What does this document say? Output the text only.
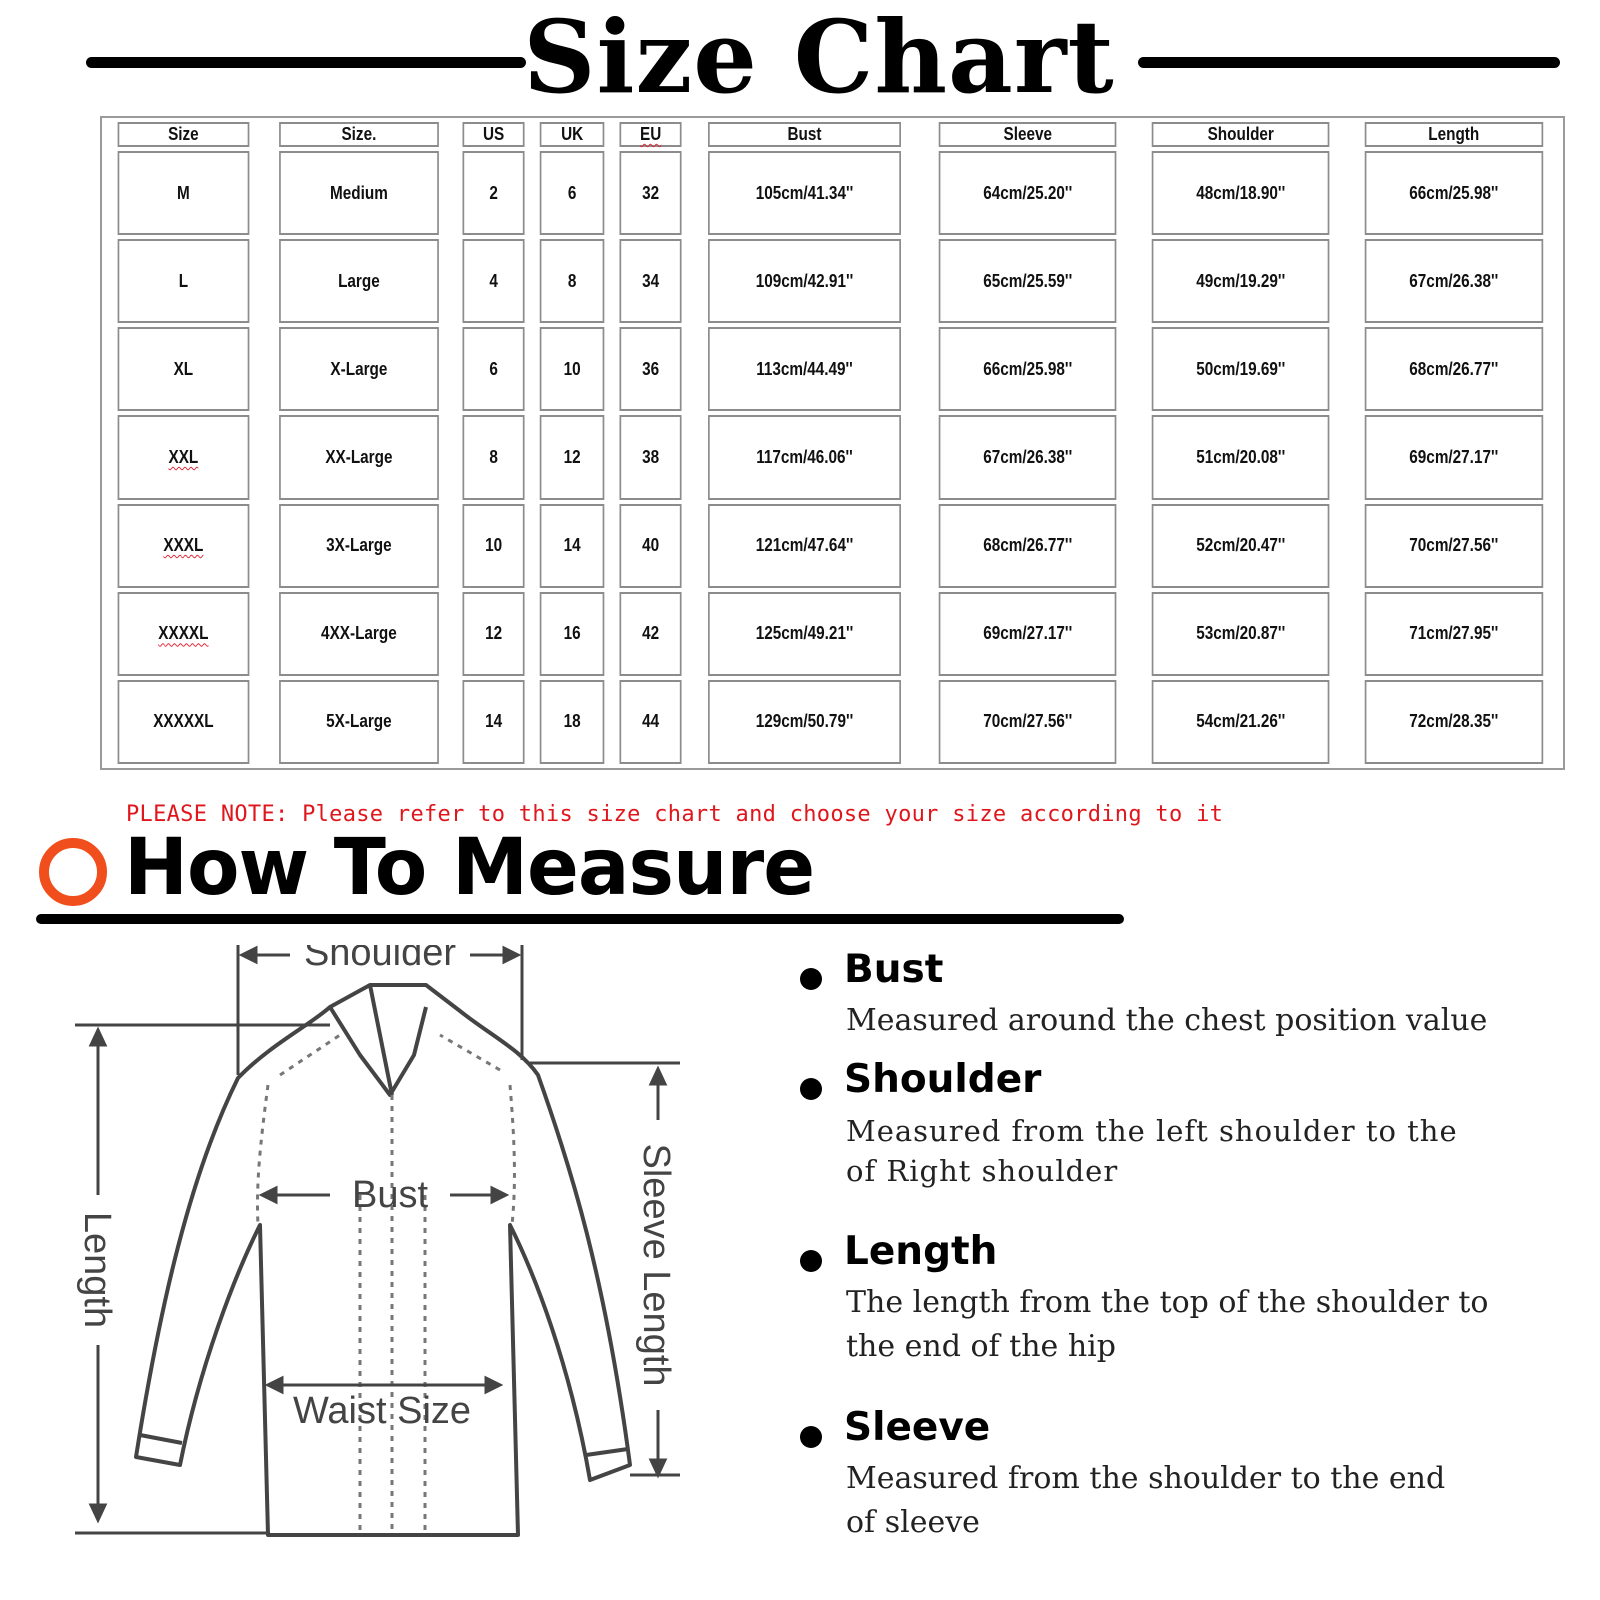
Size Chart
Size	Size.	US	UK	EU	Bust	Sleeve	Shoulder	Length
M	Medium	2	6	32	105cm/41.34''	64cm/25.20''	48cm/18.90''	66cm/25.98''
L	Large	4	8	34	109cm/42.91''	65cm/25.59''	49cm/19.29''	67cm/26.38''
XL	X-Large	6	10	36	113cm/44.49''	66cm/25.98''	50cm/19.69''	68cm/26.77''
XXL	XX-Large	8	12	38	117cm/46.06''	67cm/26.38''	51cm/20.08''	69cm/27.17''
XXXL	3X-Large	10	14	40	121cm/47.64''	68cm/26.77''	52cm/20.47''	70cm/27.56''
XXXXL	4XX-Large	12	16	42	125cm/49.21''	69cm/27.17''	53cm/20.87''	71cm/27.95''
XXXXXL	5X-Large	14	18	44	129cm/50.79''	70cm/27.56''	54cm/21.26''	72cm/28.35''

PLEASE NOTE: Please refer to this size chart and choose your size according to it

How To Measure
Shoulder
Bust
Waist Size
Length	Sleeve Length
Bust
Measured around the chest position value
Shoulder
Measured from the left shoulder to the
of Right shoulder
Length
The length from the top of the shoulder to
the end of the hip
Sleeve
Measured from the shoulder to the end
of sleeve
